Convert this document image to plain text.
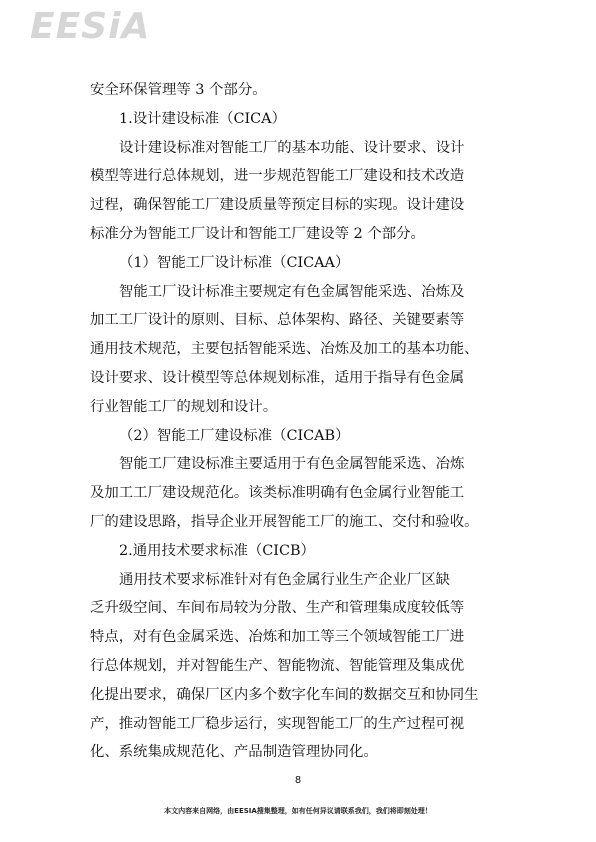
EESiA
安全环保管理等 3 个部分。
1.设计建设标准（CICA）
设计建设标准对智能工厂的基本功能、设计要求、设计
模型等进行总体规划，进一步规范智能工厂建设和技术改造
过程，确保智能工厂建设质量等预定目标的实现。设计建设
标准分为智能工厂设计和智能工厂建设等 2 个部分。
（1）智能工厂设计标准（CICAA）
智能工厂设计标准主要规定有色金属智能采选、冶炼及
加工工厂设计的原则、目标、总体架构、路径、关键要素等
通用技术规范，主要包括智能采选、冶炼及加工的基本功能、
设计要求、设计模型等总体规划标准，适用于指导有色金属
行业智能工厂的规划和设计。
（2）智能工厂建设标准（CICAB）
智能工厂建设标准主要适用于有色金属智能采选、冶炼
及加工工厂建设规范化。该类标准明确有色金属行业智能工
厂的建设思路，指导企业开展智能工厂的施工、交付和验收。
2.通用技术要求标准（CICB）
通用技术要求标准针对有色金属行业生产企业厂区缺
乏升级空间、车间布局较为分散、生产和管理集成度较低等
特点，对有色金属采选、冶炼和加工等三个领域智能工厂进
行总体规划，并对智能生产、智能物流、智能管理及集成优
化提出要求，确保厂区内多个数字化车间的数据交互和协同生
产，推动智能工厂稳步运行，实现智能工厂的生产过程可视
化、系统集成规范化、产品制造管理协同化。
8
本文内容来自网络，由EESIA搜集整理，如有任何异议请联系我们，我们将即刻处理！
